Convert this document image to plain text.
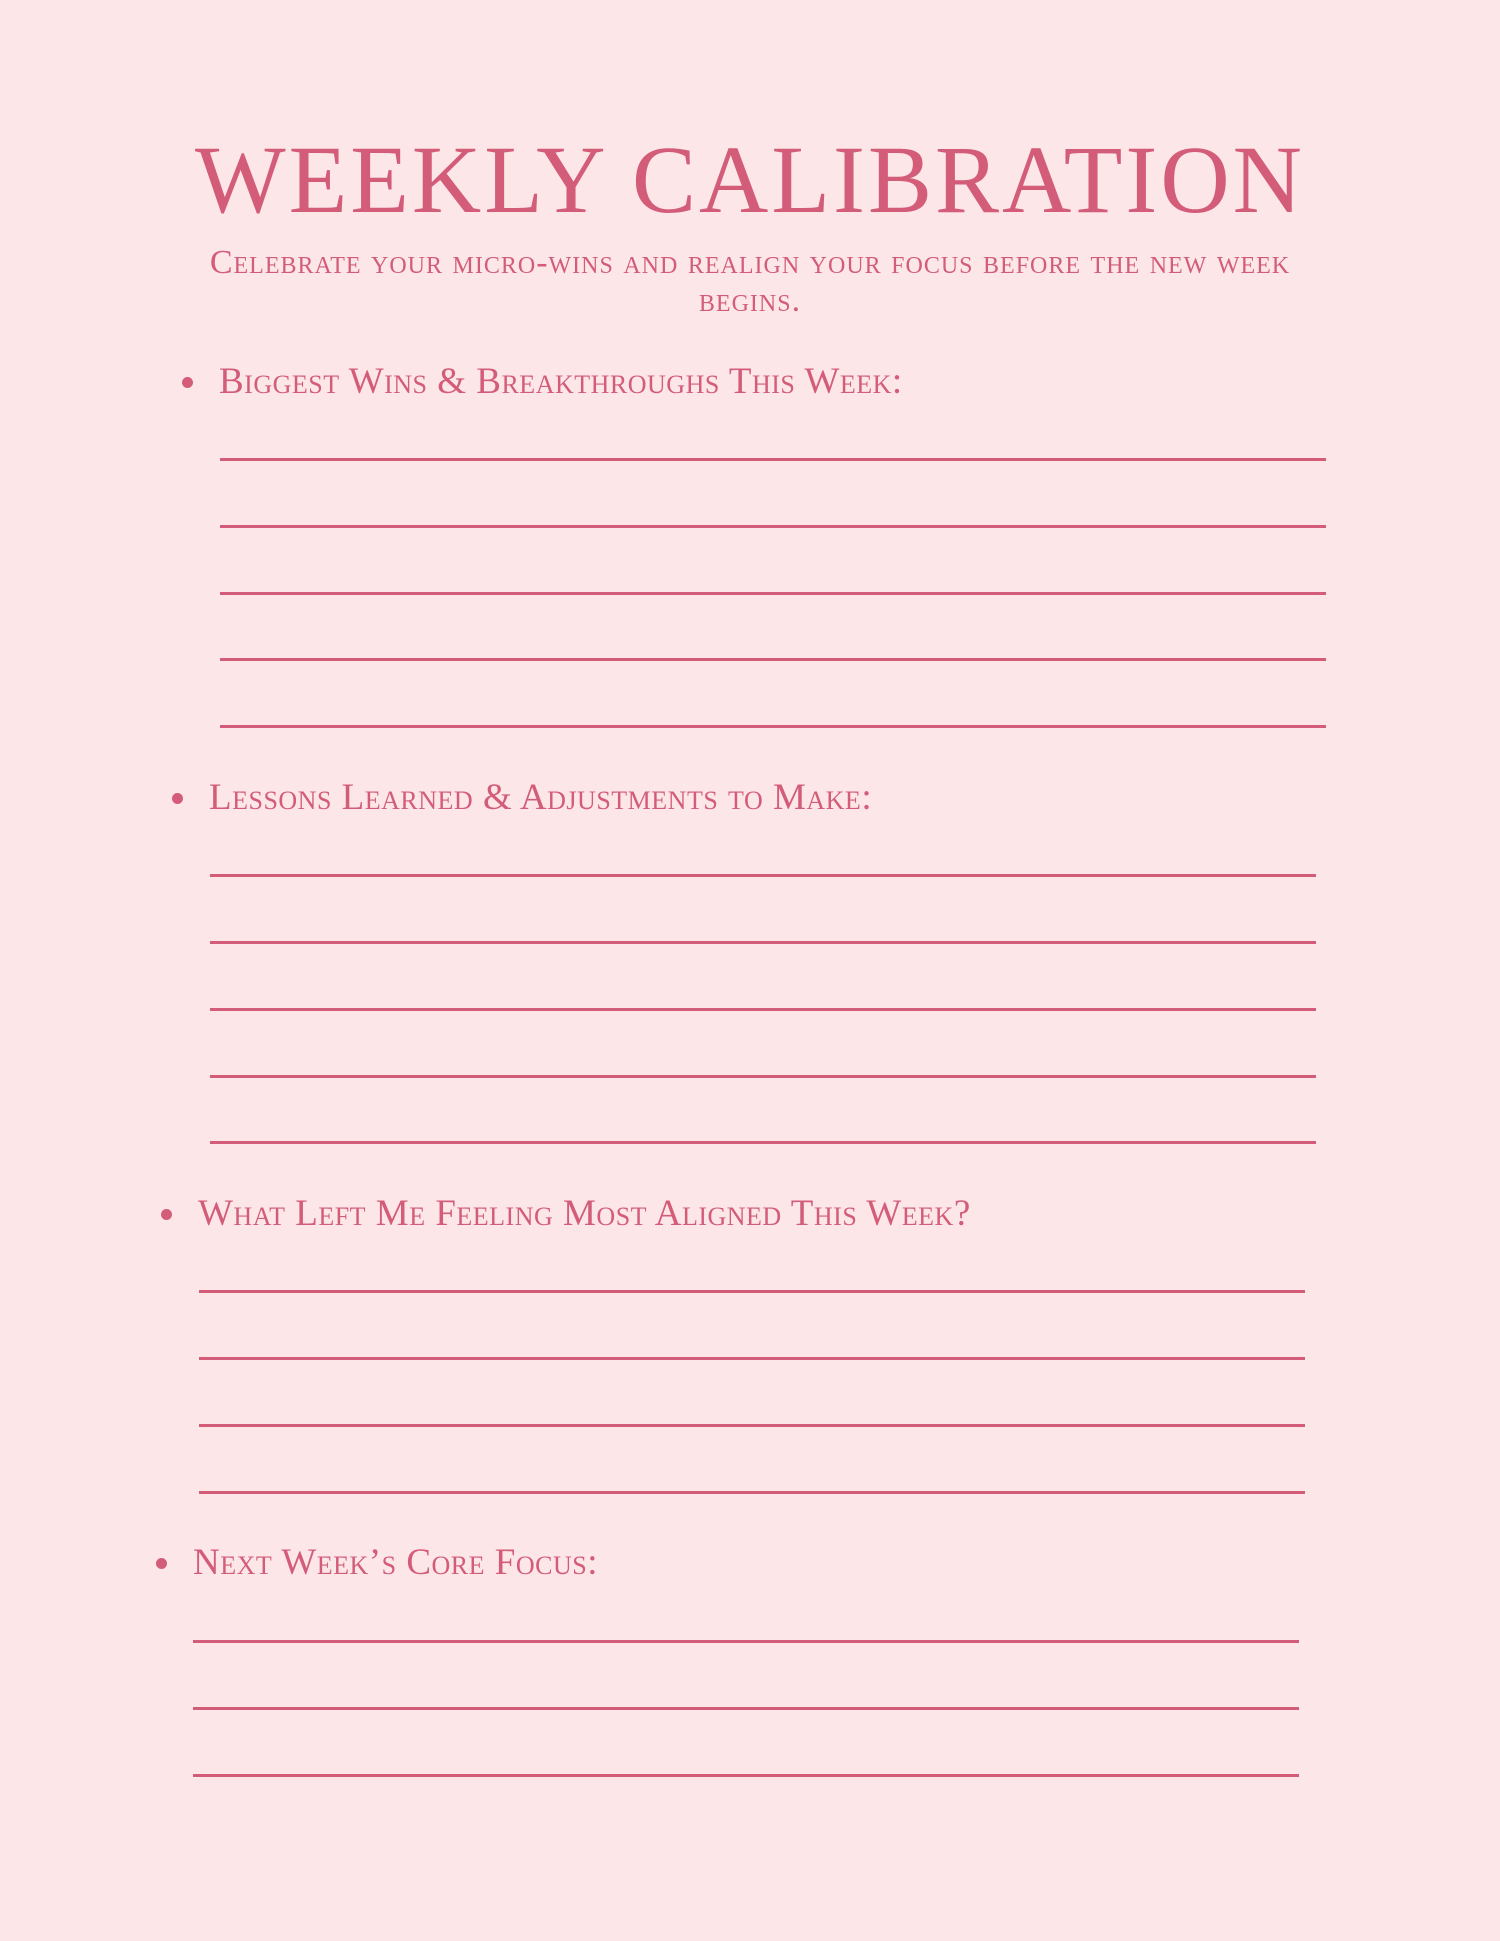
WEEKLY CALIBRATION

Celebrate your micro-wins and realign your focus before the new week begins.

Biggest Wins & Breakthroughs This Week:
Lessons Learned & Adjustments to Make:
What Left Me Feeling Most Aligned This Week?
Next Week’s Core Focus:
